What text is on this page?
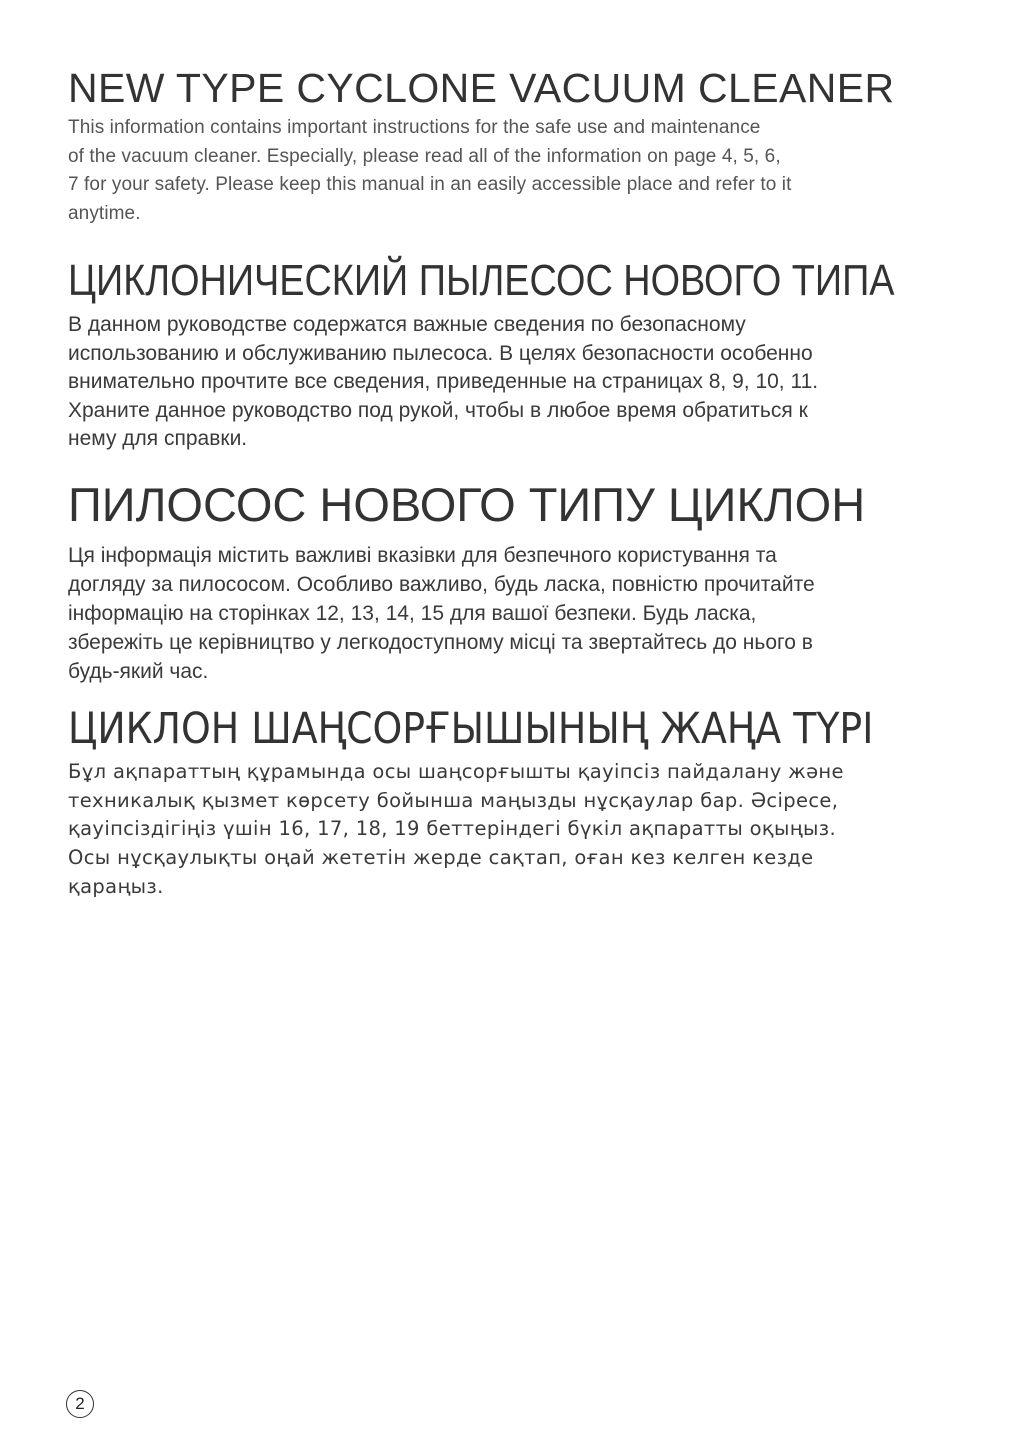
NEW TYPE CYCLONE VACUUM CLEANER

This information contains important instructions for the safe use and maintenance
of the vacuum cleaner. Especially, please read all of the information on page 4, 5, 6,
7 for your safety. Please keep this manual in an easily accessible place and refer to it
anytime.

ЦИКЛОНИЧЕСКИЙ ПЫЛЕСОС НОВОГО ТИПА

В данном руководстве содержатся важные сведения по безопасному
использованию и обслуживанию пылесоса. В целях безопасности особенно
внимательно прочтите все сведения, приведенные на страницах 8, 9, 10, 11.
Храните данное руководство под рукой, чтобы в любое время обратиться к
нему для справки.

ПИЛОСОС НОВОГО ТИПУ ЦИКЛОН

Ця інформація містить важливі вказівки для безпечного користування та
догляду за пилососом. Особливо важливо, будь ласка, повністю прочитайте
інформацію на сторінках 12, 13, 14, 15 для вашої безпеки. Будь ласка,
збережіть це керівництво у легкодоступному місці та звертайтесь до нього в
будь-який час.

ЦИКЛОН ШАҢСОРҒЫШЫНЫҢ ЖАҢА ТҮРІ

Бұл ақпараттың құрамында осы шаңсорғышты қауіпсіз пайдалану және
техникалық қызмет көрсету бойынша маңызды нұсқаулар бар. Әсіресе,
қауіпсіздігіңіз үшін 16, 17, 18, 19 беттеріндегі бүкіл ақпаратты оқыңыз.
Осы нұсқаулықты оңай жететін жерде сақтап, оған кез келген кезде
қараңыз.

2
